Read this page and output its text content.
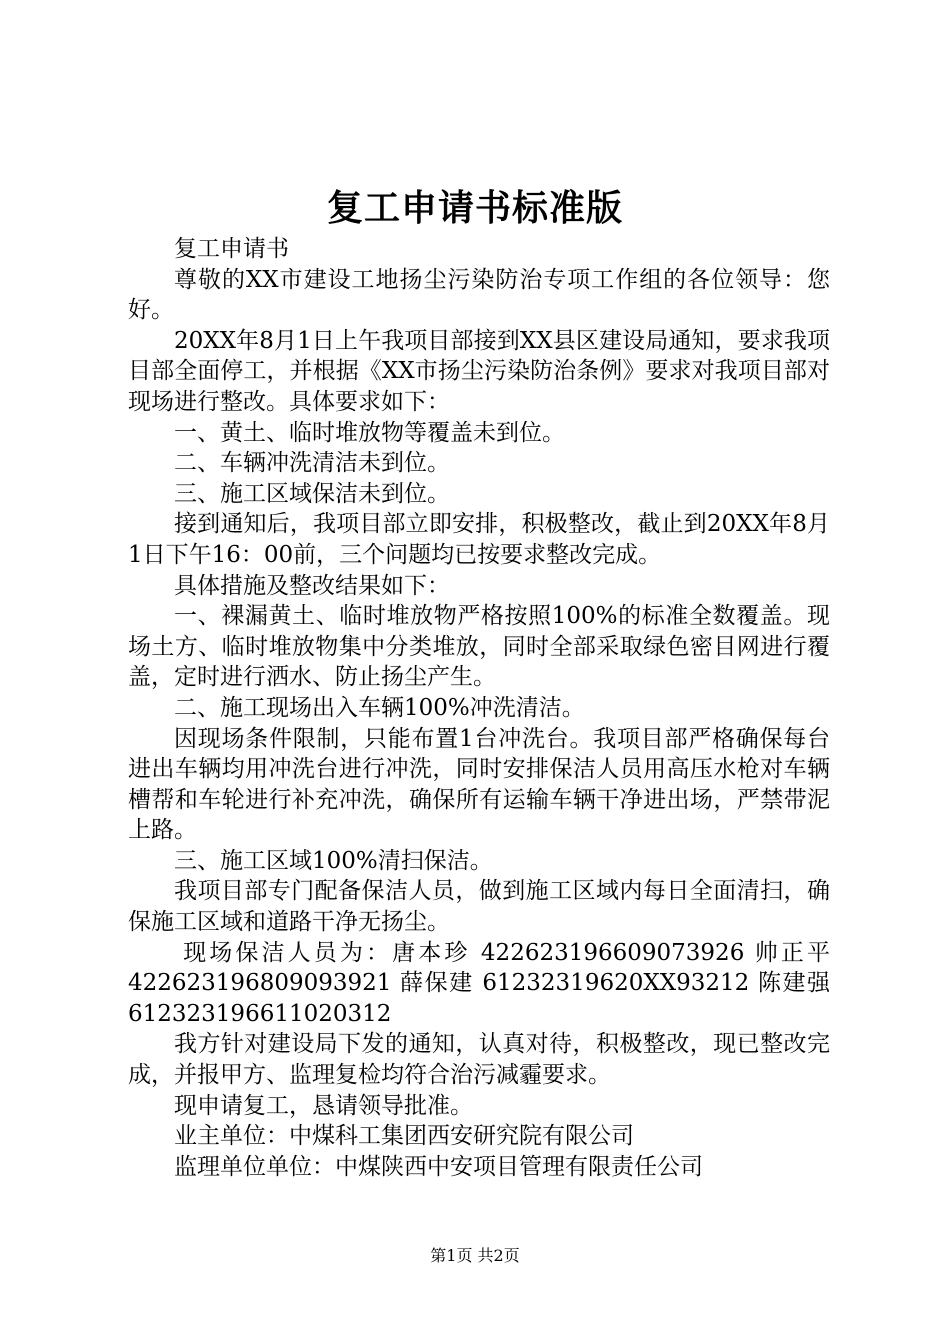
复工申请书标准版

复工申请书

尊敬的XX市建设工地扬尘污染防治专项工作组的各位领导：您好。

20XX年8月1日上午我项目部接到XX县区建设局通知，要求我项目部全面停工，并根据《XX市扬尘污染防治条例》要求对我项目部对现场进行整改。具体要求如下：

一、黄土、临时堆放物等覆盖未到位。

二、车辆冲洗清洁未到位。

三、施工区域保洁未到位。

接到通知后，我项目部立即安排，积极整改，截止到20XX年8月1日下午16：00前，三个问题均已按要求整改完成。

具体措施及整改结果如下：

一、裸漏黄土、临时堆放物严格按照100%的标准全数覆盖。现场土方、临时堆放物集中分类堆放，同时全部采取绿色密目网进行覆盖，定时进行洒水、防止扬尘产生。

二、施工现场出入车辆100%冲洗清洁。

因现场条件限制，只能布置1台冲洗台。我项目部严格确保每台进出车辆均用冲洗台进行冲洗，同时安排保洁人员用高压水枪对车辆槽帮和车轮进行补充冲洗，确保所有运输车辆干净进出场，严禁带泥上路。

三、施工区域100%清扫保洁。

我项目部专门配备保洁人员，做到施工区域内每日全面清扫，确保施工区域和道路干净无扬尘。

现场保洁人员为：唐本珍 422623196609073926 帅正平 422623196809093921 薛保建 61232319620XX93212 陈建强 612323196611020312

我方针对建设局下发的通知，认真对待，积极整改，现已整改完成，并报甲方、监理复检均符合治污减霾要求。

现申请复工，恳请领导批准。

业主单位：中煤科工集团西安研究院有限公司

监理单位单位：中煤陕西中安项目管理有限责任公司

第1页 共2页
